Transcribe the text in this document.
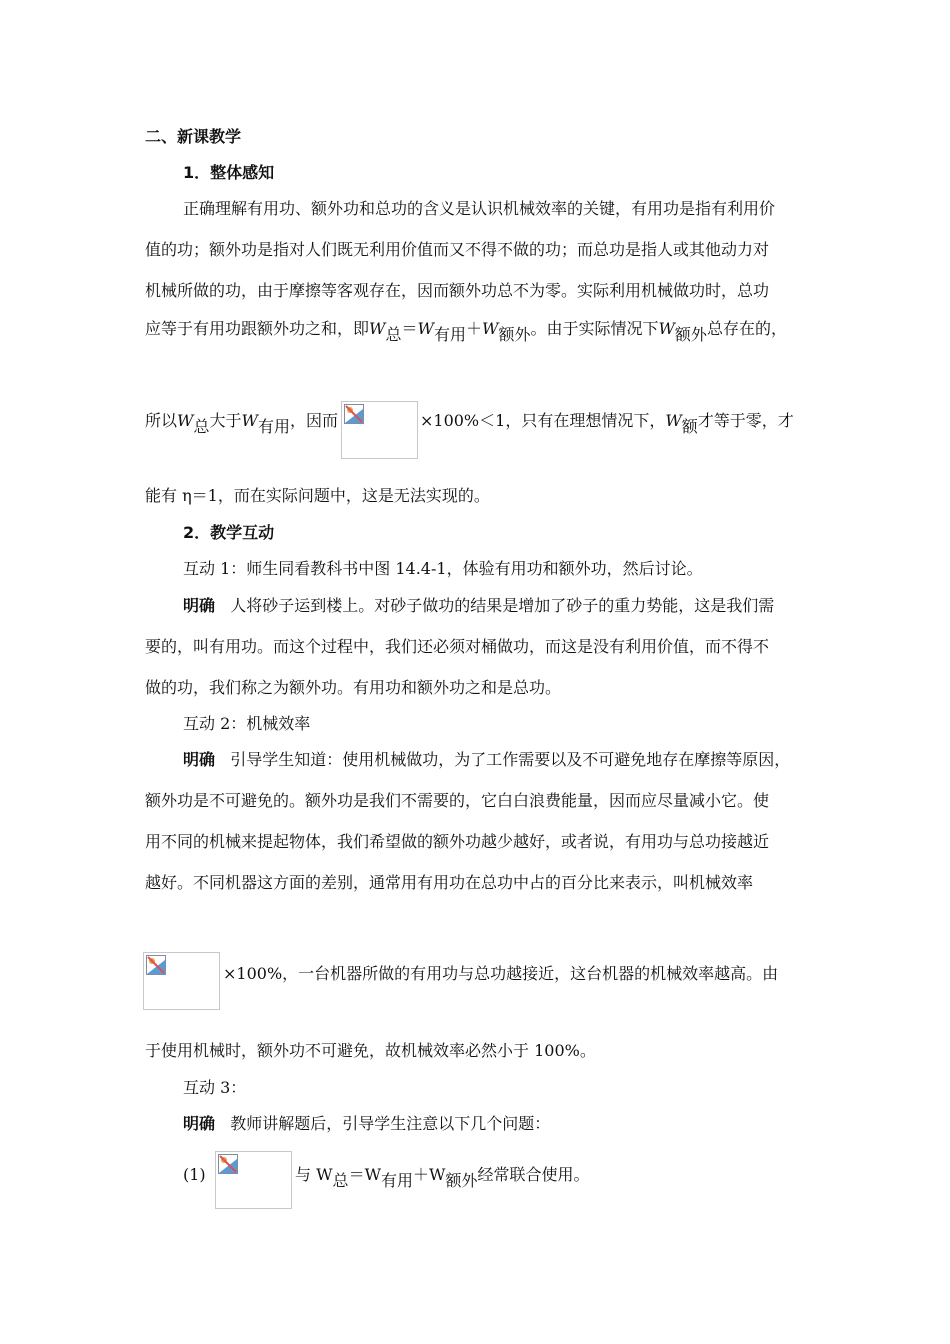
二、新课教学
1．整体感知
正确理解有用功、额外功和总功的含义是认识机械效率的关键，有用功是指有利用价
值的功；额外功是指对人们既无利用价值而又不得不做的功；而总功是指人或其他动力对
机械所做的功，由于摩擦等客观存在，因而额外功总不为零。实际利用机械做功时，总功
应等于有用功跟额外功之和，即W总＝W有用＋W额外。由于实际情况下W额外总存在的，
所以W总大于W有用，因而	×100%＜1，只有在理想情况下，W额才等于零，才
能有 η＝1，而在实际问题中，这是无法实现的。
2．教学互动
互动 1：师生同看教科书中图 14.4-1，体验有用功和额外功，然后讨论。
明确 人将砂子运到楼上。对砂子做功的结果是增加了砂子的重力势能，这是我们需
要的，叫有用功。而这个过程中，我们还必须对桶做功，而这是没有利用价值，而不得不
做的功，我们称之为额外功。有用功和额外功之和是总功。
互动 2：机械效率
明确 引导学生知道：使用机械做功，为了工作需要以及不可避免地存在摩擦等原因，
额外功是不可避免的。额外功是我们不需要的，它白白浪费能量，因而应尽量减小它。使
用不同的机械来提起物体，我们希望做的额外功越少越好，或者说，有用功与总功接越近
越好。不同机器这方面的差别，通常用有用功在总功中占的百分比来表示，叫机械效率
×100%，一台机器所做的有用功与总功越接近，这台机器的机械效率越高。由
于使用机械时，额外功不可避免，故机械效率必然小于 100%。
互动 3：
明确 教师讲解题后，引导学生注意以下几个问题：
(1)	与 W总＝W有用＋W额外经常联合使用。
